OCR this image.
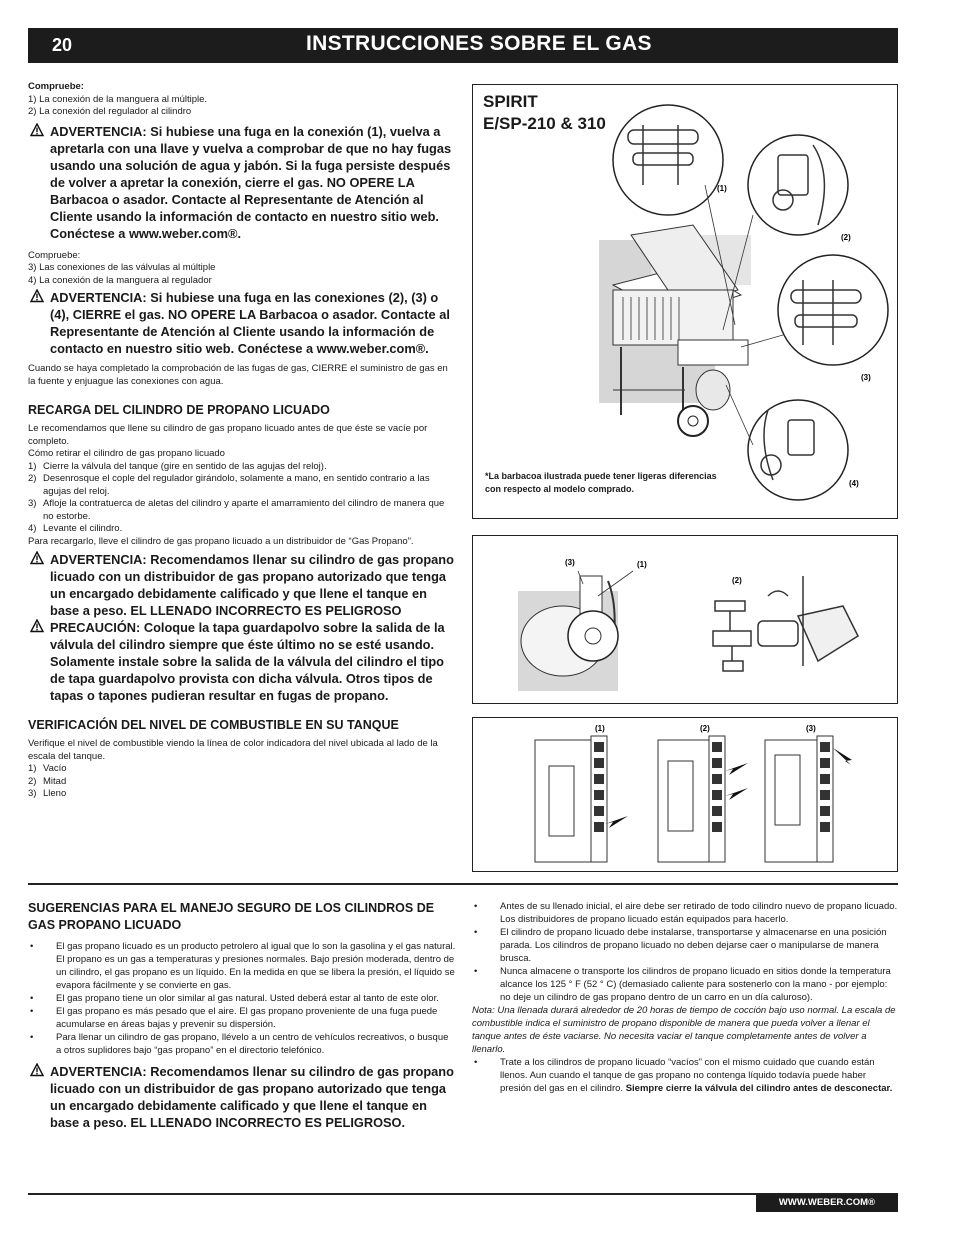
20	INSTRUCCIONES SOBRE EL GAS

Compruebe:

1) La conexión de la manguera al múltiple.

2) La conexión del regulador al cilindro

ADVERTENCIA: Si hubiese una fuga en la conexión (1), vuelva a apretarla con una llave y vuelva a comprobar de que no hay fugas usando una solución de agua y jabón. Si la fuga persiste después de volver a apretar la conexión, cierre el gas. NO OPERE LA Barbacoa o asador. Contacte al Representante de Atención al Cliente usando la información de contacto en nuestro sitio web. Conéctese a www.weber.com®.

Compruebe:

3) Las conexiones de las válvulas al múltiple

4) La conexión de la manguera al regulador

ADVERTENCIA: Si hubiese una fuga en las conexiones (2), (3) o (4), CIERRE el gas. NO OPERE LA Barbacoa o asador. Contacte al Representante de Atención al Cliente usando la información de contacto en nuestro sitio web. Conéctese a www.weber.com®.

Cuando se haya completado la comprobación de las fugas de gas, CIERRE el suministro de gas en la fuente y enjuague las conexiones con agua.

RECARGA DEL CILINDRO DE PROPANO LICUADO

Le recomendamos que llene su cilindro de gas propano licuado antes de que éste se vacíe por completo.

Cómo retirar el cilindro de gas propano licuado

1) Cierre la válvula del tanque (gire en sentido de las agujas del reloj).
2) Desenrosque el cople del regulador girándolo, solamente a mano, en sentido contrario a las agujas del reloj.
3) Afloje la contratuerca de aletas del cilindro y aparte el amarramiento del cilindro de manera que no estorbe.
4) Levante el cilindro.

Para recargarlo, lleve el cilindro de gas propano licuado a un distribuidor de “Gas Propano”.

ADVERTENCIA: Recomendamos llenar su cilindro de gas propano licuado con un distribuidor de gas propano autorizado que tenga un encargado debidamente calificado y que llene el tanque en base a peso. EL LLENADO INCORRECTO ES PELIGROSO

PRECAUCIÓN: Coloque la tapa guardapolvo sobre la salida de la válvula del cilindro siempre que éste último no se esté usando. Solamente instale sobre la salida de la válvula del cilindro el tipo de tapa guardapolvo provista con dicha válvula. Otros tipos de tapas o tapones pudieran resultar en fugas de propano.

VERIFICACIÓN DEL NIVEL DE COMBUSTIBLE EN SU TANQUE

Verifique el nivel de combustible viendo la línea de color indicadora del nivel ubicada al lado de la escala del tanque.

1) Vacío
2) Mitad
3) Lleno
SPIRIT
E/SP-210 & 310
(1)
(2)
(3)
(4)
*La barbacoa ilustrada puede tener ligeras diferencias con respecto al modelo comprado.
(3)	(1)
(2)
(1)	(2)	(3)

SUGERENCIAS PARA EL MANEJO SEGURO DE LOS CILINDROS DE GAS PROPANO LICUADO

• El gas propano licuado es un producto petrolero al igual que lo son la gasolina y el gas natural. El propano es un gas a temperaturas y presiones normales. Bajo presión moderada, dentro de un cilindro, el gas propano es un líquido. En la medida en que se libera la presión, el líquido se evapora fácilmente y se convierte en gas.
• El gas propano tiene un olor similar al gas natural. Usted deberá estar al tanto de este olor.
• El gas propano es más pesado que el aire. El gas propano proveniente de una fuga puede acumularse en áreas bajas y prevenir su dispersión.
• Para llenar un cilindro de gas propano, llévelo a un centro de vehículos recreativos, o busque a otros suplidores bajo “gas propano” en el directorio telefónico.

ADVERTENCIA: Recomendamos llenar su cilindro de gas propano licuado con un distribuidor de gas propano autorizado que tenga un encargado debidamente calificado y que llene el tanque en base a peso. EL LLENADO INCORRECTO ES PELIGROSO.

• Antes de su llenado inicial, el aire debe ser retirado de todo cilindro nuevo de propano licuado. Los distribuidores de propano licuado están equipados para hacerlo.
• El cilindro de propano licuado debe instalarse, transportarse y almacenarse en una posición parada. Los cilindros de propano licuado no deben dejarse caer o manipularse de manera brusca.
• Nunca almacene o transporte los cilindros de propano licuado en sitios donde la temperatura alcance los 125 ° F (52 ° C) (demasiado caliente para sostenerlo con la mano - por ejemplo: no deje un cilindro de gas propano dentro de un carro en un día caluroso).

Nota: Una llenada durará alrededor de 20 horas de tiempo de cocción bajo uso normal. La escala de combustible indica el suministro de propano disponible de manera que pueda volver a llenar el tanque antes de éste vaciarse. No necesita vaciar el tanque completamente antes de volver a llenarlo.

• Trate a los cilindros de propano licuado “vacíos” con el mismo cuidado que cuando están llenos. Aun cuando el tanque de gas propano no contenga líquido todavía puede haber presión del gas en el cilindro. Siempre cierre la válvula del cilindro antes de desconectar.
WWW.WEBER.COM®
